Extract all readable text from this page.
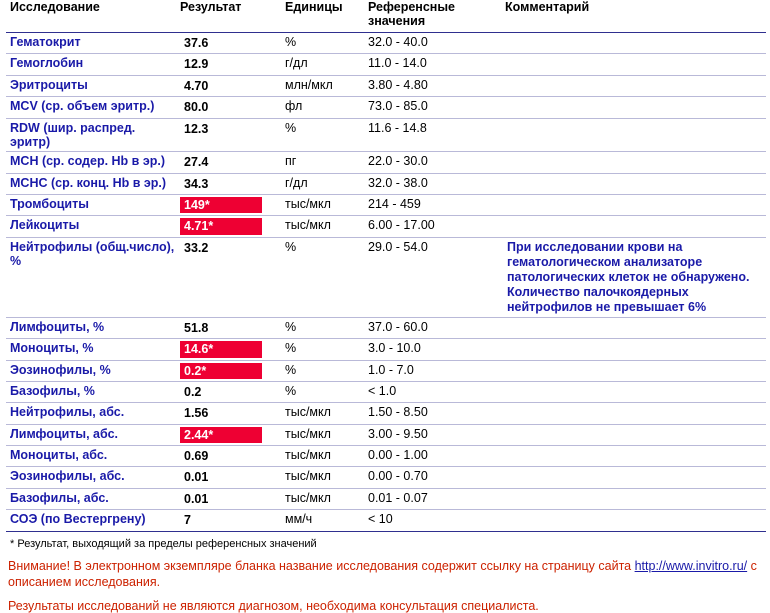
Исследование	Результат	Единицы	Референсные значения	Комментарий
Гематокрит	37.6	%	32.0 - 40.0	
Гемоглобин	12.9	г/дл	11.0 - 14.0	
Эритроциты	4.70	млн/мкл	3.80 - 4.80	
MCV (ср. объем эритр.)	80.0	фл	73.0 - 85.0	
RDW (шир. распред. эритр)	12.3	%	11.6 - 14.8	
MCH (ср. содер. Hb в эр.)	27.4	пг	22.0 - 30.0	
MCHC (ср. конц. Hb в эр.)	34.3	г/дл	32.0 - 38.0	
Тромбоциты	149*	тыс/мкл	214 - 459	
Лейкоциты	4.71*	тыс/мкл	6.00 - 17.00	
Нейтрофилы (общ.число), %	33.2	%	29.0 - 54.0	При исследовании крови на гематологическом анализаторе патологических клеток не обнаружено. Количество палочкоядерных нейтрофилов не превышает 6%
Лимфоциты, %	51.8	%	37.0 - 60.0	
Моноциты, %	14.6*	%	3.0 - 10.0	
Эозинофилы, %	0.2*	%	1.0 - 7.0	
Базофилы, %	0.2	%	< 1.0	
Нейтрофилы, абс.	1.56	тыс/мкл	1.50 - 8.50	
Лимфоциты, абс.	2.44*	тыс/мкл	3.00 - 9.50	
Моноциты, абс.	0.69	тыс/мкл	0.00 - 1.00	
Эозинофилы, абс.	0.01	тыс/мкл	0.00 - 0.70	
Базофилы, абс.	0.01	тыс/мкл	0.01 - 0.07	
СОЭ (по Вестергрену)	7	мм/ч	< 10	
* Результат, выходящий за пределы референсных значений
Внимание! В электронном экземпляре бланка название исследования содержит ссылку на страницу сайта http://www.invitro.ru/ с описанием исследования.
Результаты исследований не являются диагнозом, необходима консультация специалиста.
